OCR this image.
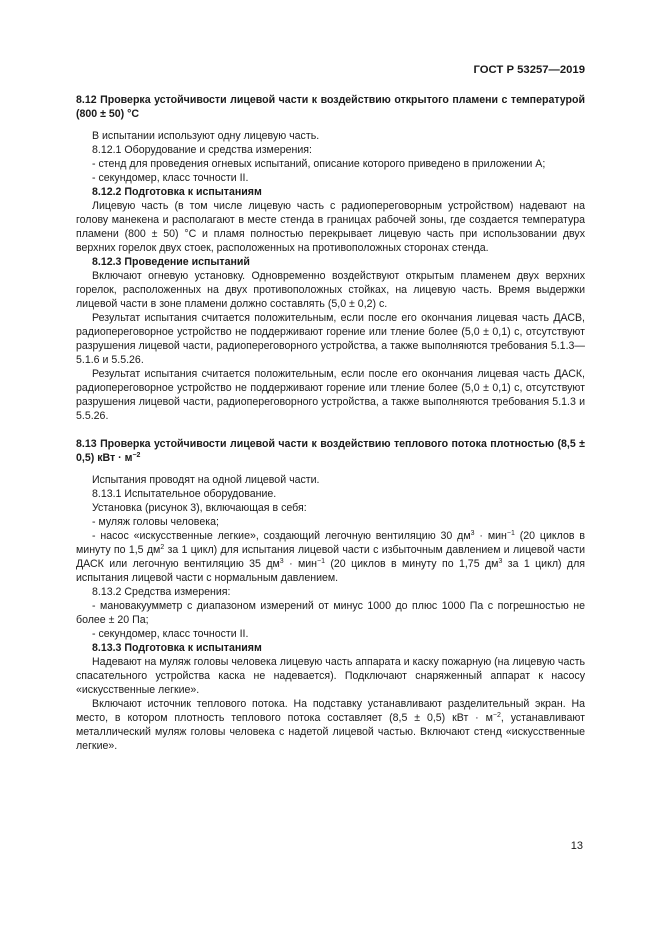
ГОСТ Р 53257—2019

8.12 Проверка устойчивости лицевой части к воздействию открытого пламени с температурой (800 ± 50) °С

В испытании используют одну лицевую часть.

8.12.1 Оборудование и средства измерения:

- стенд для проведения огневых испытаний, описание которого приведено в приложении А;

- секундомер, класс точности II.

8.12.2 Подготовка к испытаниям

Лицевую часть (в том числе лицевую часть с радиопереговорным устройством) надевают на голову манекена и располагают в месте стенда в границах рабочей зоны, где создается температура пламени (800 ± 50) °С и пламя полностью перекрывает лицевую часть при использовании двух верхних горелок двух стоек, расположенных на противоположных сторонах стенда.

8.12.3 Проведение испытаний

Включают огневую установку. Одновременно воздействуют открытым пламенем двух верхних горелок, расположенных на двух противоположных стойках, на лицевую часть. Время выдержки лицевой части в зоне пламени должно составлять (5,0 ± 0,2) с.

Результат испытания считается положительным, если после его окончания лицевая часть ДАСВ, радиопереговорное устройство не поддерживают горение или тление более (5,0 ± 0,1) с, отсутствуют разрушения лицевой части, радиопереговорного устройства, а также выполняются требования 5.1.3—5.1.6 и 5.5.26.

Результат испытания считается положительным, если после его окончания лицевая часть ДАСК, радиопереговорное устройство не поддерживают горение или тление более (5,0 ± 0,1) с, отсутствуют разрушения лицевой части, радиопереговорного устройства, а также выполняются требования 5.1.3 и 5.5.26.

8.13 Проверка устойчивости лицевой части к воздействию теплового потока плотностью (8,5 ± 0,5) кВт · $м^{-2}$

Испытания проводят на одной лицевой части.

8.13.1 Испытательное оборудование.

Установка (рисунок 3), включающая в себя:

- муляж головы человека;

- насос «искусственные легкие», создающий легочную вентиляцию 30 $дм^3 \cdot мин^{-1}$ (20 циклов в минуту по 1,5 $дм^2$ за 1 цикл) для испытания лицевой части с избыточным давлением и лицевой части ДАСК или легочную вентиляцию 35 $дм^3 \cdot мин^{-1}$ (20 циклов в минуту по 1,75 $дм^3$ за 1 цикл) для испытания лицевой части с нормальным давлением.

8.13.2 Средства измерения:

- мановакуумметр с диапазоном измерений от минус 1000 до плюс 1000 Па с погрешностью не более ± 20 Па;

- секундомер, класс точности II.

8.13.3 Подготовка к испытаниям

Надевают на муляж головы человека лицевую часть аппарата и каску пожарную (на лицевую часть спасательного устройства каска не надевается). Подключают снаряженный аппарат к насосу «искусственные легкие».

Включают источник теплового потока. На подставку устанавливают разделительный экран. На место, в котором плотность теплового потока составляет (8,5 ± 0,5) кВт · $м^{-2}$, устанавливают металлический муляж головы человека с надетой лицевой частью. Включают стенд «искусственные легкие».

13
